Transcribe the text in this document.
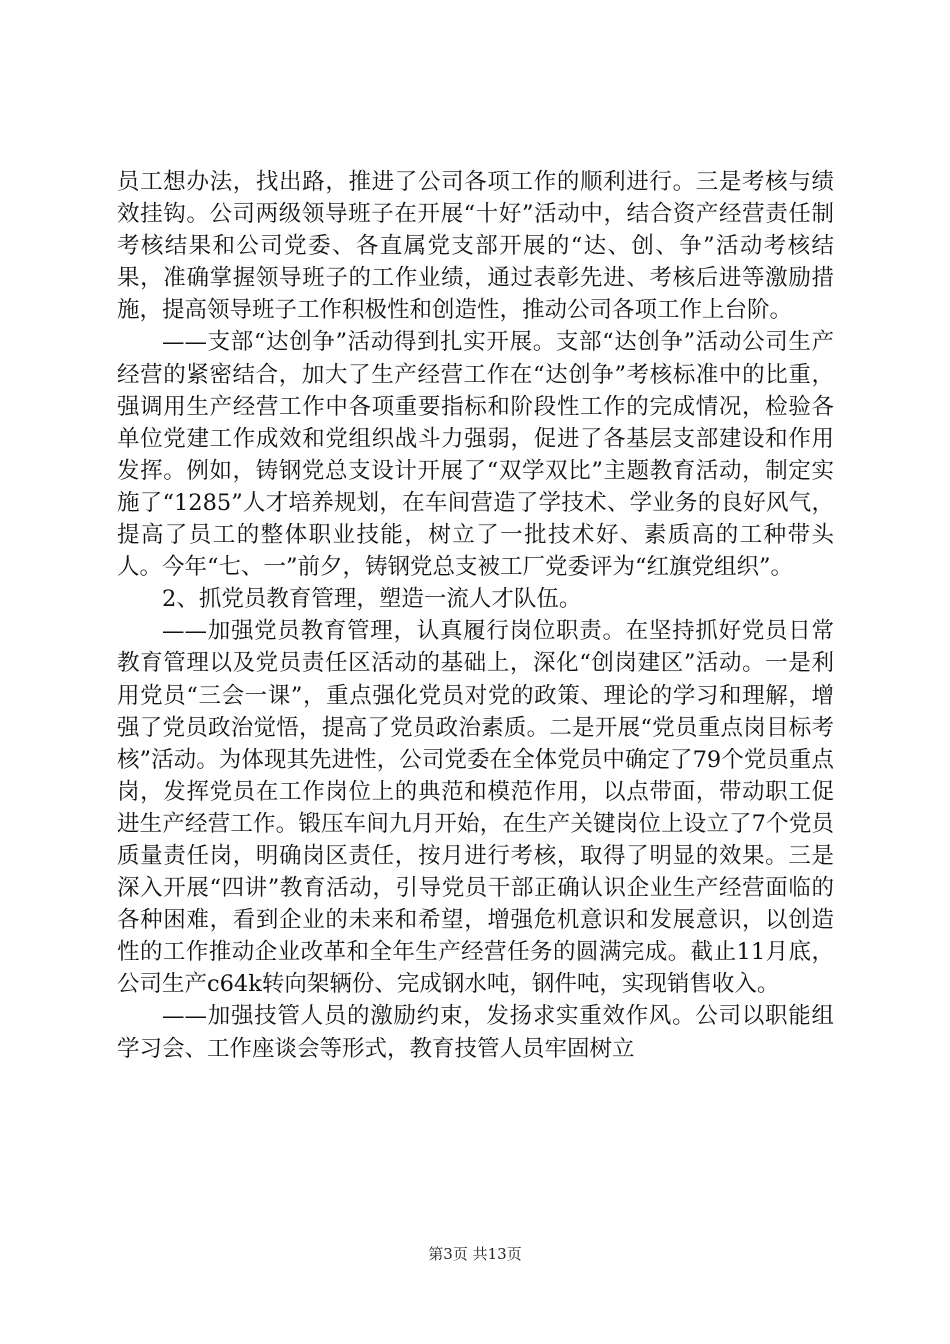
员工想办法，找出路，推进了公司各项工作的顺利进行。三是考核与绩效挂钩。公司两级领导班子在开展“十好”活动中，结合资产经营责任制考核结果和公司党委、各直属党支部开展的“达、创、争”活动考核结果，准确掌握领导班子的工作业绩，通过表彰先进、考核后进等激励措施，提高领导班子工作积极性和创造性，推动公司各项工作上台阶。

——支部“达创争”活动得到扎实开展。支部“达创争”活动公司生产经营的紧密结合，加大了生产经营工作在“达创争”考核标准中的比重，强调用生产经营工作中各项重要指标和阶段性工作的完成情况，检验各单位党建工作成效和党组织战斗力强弱，促进了各基层支部建设和作用发挥。例如，铸钢党总支设计开展了“双学双比”主题教育活动，制定实施了“1285”人才培养规划，在车间营造了学技术、学业务的良好风气，提高了员工的整体职业技能，树立了一批技术好、素质高的工种带头人。今年“七、一”前夕，铸钢党总支被工厂党委评为“红旗党组织”。

2、抓党员教育管理，塑造一流人才队伍。

——加强党员教育管理，认真履行岗位职责。在坚持抓好党员日常教育管理以及党员责任区活动的基础上，深化“创岗建区”活动。一是利用党员“三会一课”，重点强化党员对党的政策、理论的学习和理解，增强了党员政治觉悟，提高了党员政治素质。二是开展“党员重点岗目标考核”活动。为体现其先进性，公司党委在全体党员中确定了79个党员重点岗，发挥党员在工作岗位上的典范和模范作用，以点带面，带动职工促进生产经营工作。锻压车间九月开始，在生产关键岗位上设立了7个党员质量责任岗，明确岗区责任，按月进行考核，取得了明显的效果。三是深入开展“四讲”教育活动，引导党员干部正确认识企业生产经营面临的各种困难，看到企业的未来和希望，增强危机意识和发展意识，以创造性的工作推动企业改革和全年生产经营任务的圆满完成。截止11月底，公司生产c64k转向架辆份、完成钢水吨，钢件吨，实现销售收入。

——加强技管人员的激励约束，发扬求实重效作风。公司以职能组学习会、工作座谈会等形式，教育技管人员牢固树立

第3页 共13页
